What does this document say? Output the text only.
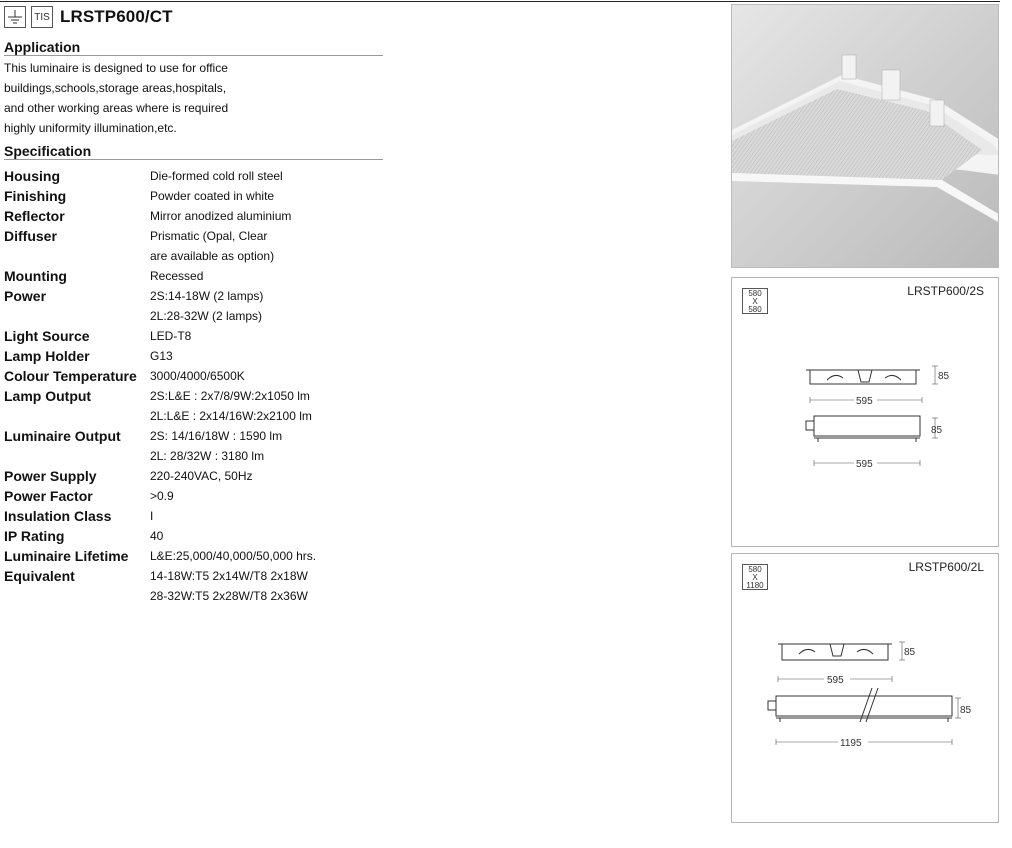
TIS LRSTP600/CT
Application
This luminaire is designed to use for office
buildings,schools,storage areas,hospitals,
and other working areas where is required
highly uniformity illumination,etc.
Specification
Housing	Die-formed cold roll steel
Finishing	Powder coated in white
Reflector	Mirror anodized aluminium
Diffuser	Prismatic (Opal, Clear
are available as option)
Mounting	Recessed
Power	2S:14-18W (2 lamps)
2L:28-32W (2 lamps)
Light Source	LED-T8
Lamp Holder	G13
Colour Temperature	3000/4000/6500K
Lamp Output	2S:L&E : 2x7/8/9W:2x1050 lm
2L:L&E : 2x14/16W:2x2100 lm
Luminaire Output	2S: 14/16/18W : 1590 lm
2L: 28/32W : 3180 lm
Power Supply	220-240VAC, 50Hz
Power Factor	>0.9
Insulation Class	I
IP Rating	40
Luminaire Lifetime	L&E:25,000/40,000/50,000 hrs.
Equivalent	14-18W:T5 2x14W/T8 2x18W
28-32W:T5 2x28W/T8 2x36W
LRSTP600/2S
580
X
580
85
595
85
595
LRSTP600/2L
580
X
1180
85
595
85
1195
